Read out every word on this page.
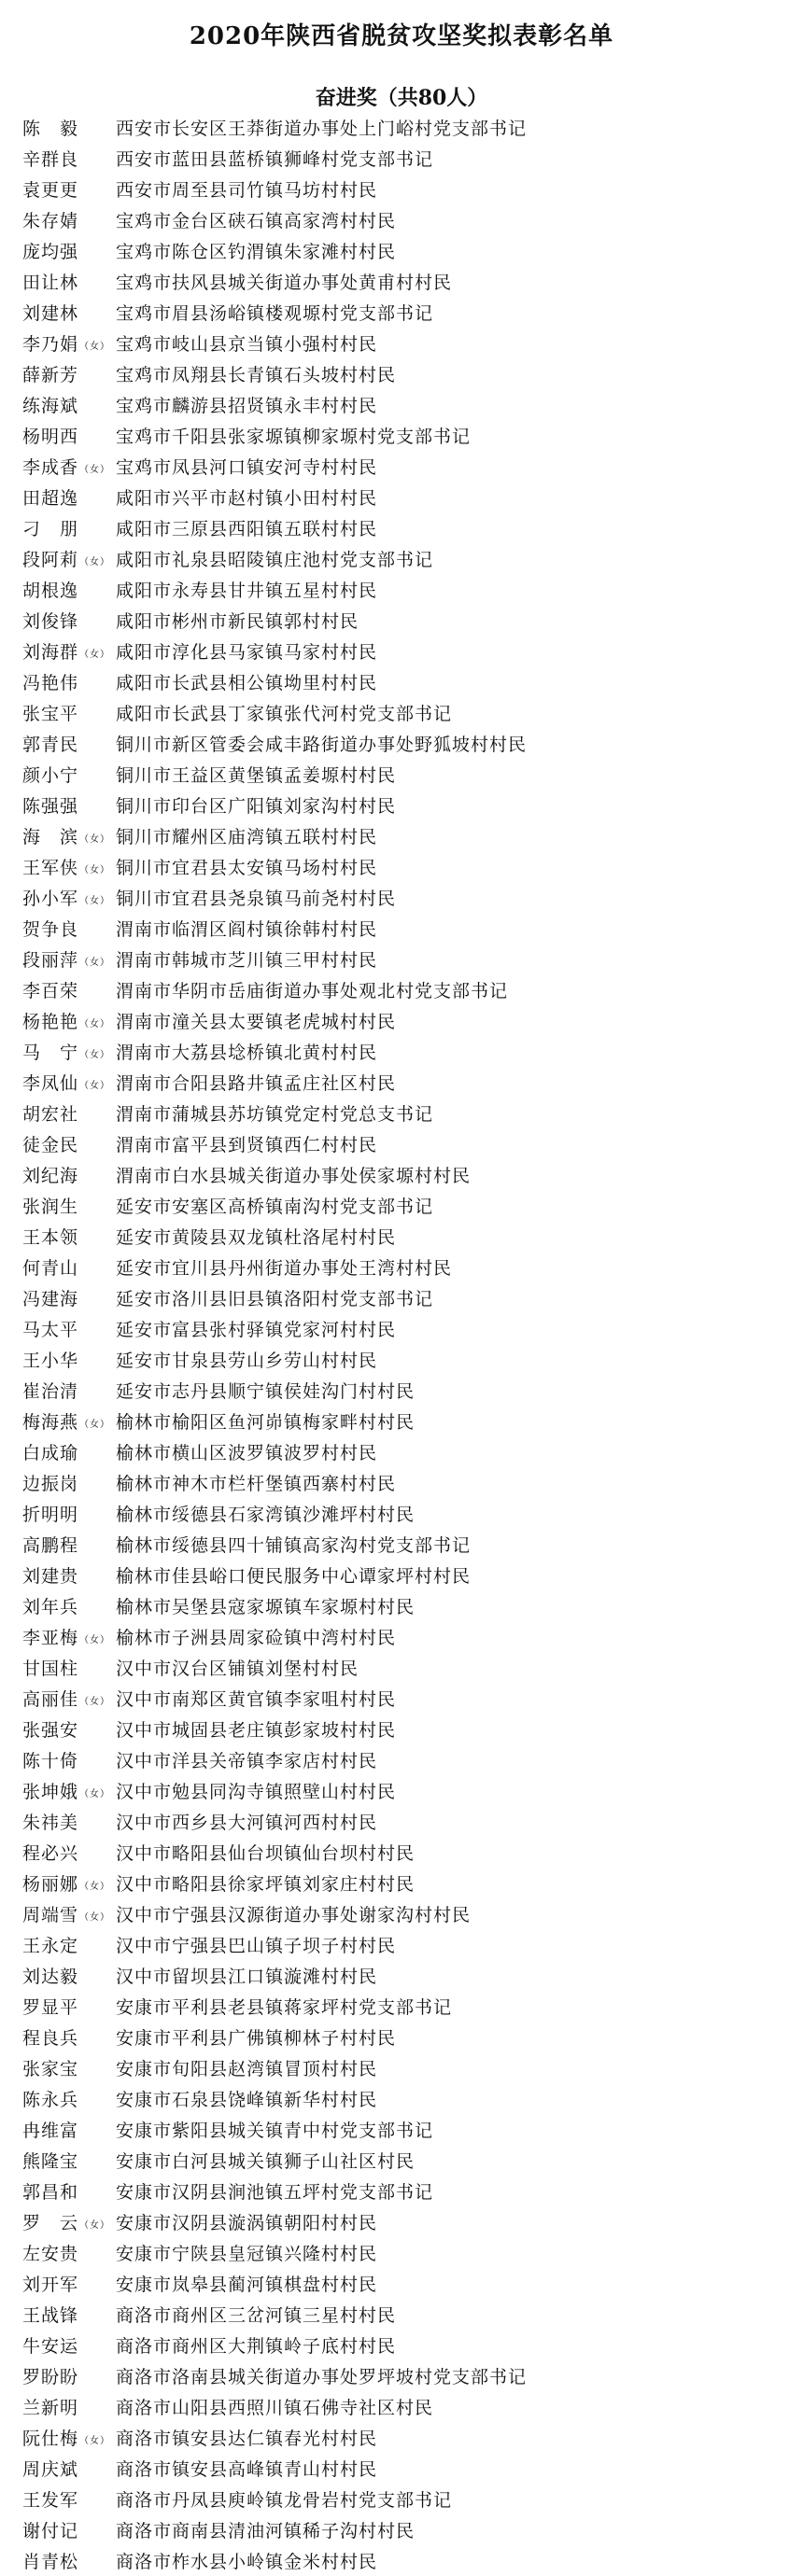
2020年陕西省脱贫攻坚奖拟表彰名单
奋进奖（共80人）
陈　毅	西安市长安区王莽街道办事处上门峪村党支部书记
辛群良	西安市蓝田县蓝桥镇狮峰村党支部书记
袁更更	西安市周至县司竹镇马坊村村民
朱存婧	宝鸡市金台区硖石镇高家湾村村民
庞均强	宝鸡市陈仓区钓渭镇朱家滩村村民
田让林	宝鸡市扶风县城关街道办事处黄甫村村民
刘建林	宝鸡市眉县汤峪镇楼观塬村党支部书记
李乃娟（女） 宝鸡市岐山县京当镇小强村村民
薛新芳	宝鸡市凤翔县长青镇石头坡村村民
练海斌	宝鸡市麟游县招贤镇永丰村村民
杨明西	宝鸡市千阳县张家塬镇柳家塬村党支部书记
李成香（女） 宝鸡市凤县河口镇安河寺村村民
田超逸	咸阳市兴平市赵村镇小田村村民
刁　朋	咸阳市三原县西阳镇五联村村民
段阿莉（女） 咸阳市礼泉县昭陵镇庄池村党支部书记
胡根逸	咸阳市永寿县甘井镇五星村村民
刘俊锋	咸阳市彬州市新民镇郭村村民
刘海群（女） 咸阳市淳化县马家镇马家村村民
冯艳伟	咸阳市长武县相公镇坳里村村民
张宝平	咸阳市长武县丁家镇张代河村党支部书记
郭青民	铜川市新区管委会咸丰路街道办事处野狐坡村村民
颜小宁	铜川市王益区黄堡镇孟姜塬村村民
陈强强	铜川市印台区广阳镇刘家沟村村民
海　滨（女） 铜川市耀州区庙湾镇五联村村民
王军侠（女） 铜川市宜君县太安镇马场村村民
孙小军（女） 铜川市宜君县尧泉镇马前尧村村民
贺争良	渭南市临渭区阎村镇徐韩村村民
段丽萍（女） 渭南市韩城市芝川镇三甲村村民
李百荣	渭南市华阴市岳庙街道办事处观北村党支部书记
杨艳艳（女） 渭南市潼关县太要镇老虎城村村民
马　宁（女） 渭南市大荔县埝桥镇北黄村村民
李凤仙（女） 渭南市合阳县路井镇孟庄社区村民
胡宏社	渭南市蒲城县苏坊镇党定村党总支书记
徒金民	渭南市富平县到贤镇西仁村村民
刘纪海	渭南市白水县城关街道办事处侯家塬村村民
张润生	延安市安塞区高桥镇南沟村党支部书记
王本领	延安市黄陵县双龙镇杜洛尾村村民
何青山	延安市宜川县丹州街道办事处王湾村村民
冯建海	延安市洛川县旧县镇洛阳村党支部书记
马太平	延安市富县张村驿镇党家河村村民
王小华	延安市甘泉县劳山乡劳山村村民
崔治清	延安市志丹县顺宁镇侯娃沟门村村民
梅海燕（女） 榆林市榆阳区鱼河峁镇梅家畔村村民
白成瑜	榆林市横山区波罗镇波罗村村民
边振岗	榆林市神木市栏杆堡镇西寨村村民
折明明	榆林市绥德县石家湾镇沙滩坪村村民
高鹏程	榆林市绥德县四十铺镇高家沟村党支部书记
刘建贵	榆林市佳县峪口便民服务中心谭家坪村村民
刘年兵	榆林市吴堡县寇家塬镇车家塬村村民
李亚梅（女） 榆林市子洲县周家硷镇中湾村村民
甘国柱	汉中市汉台区铺镇刘堡村村民
高丽佳（女） 汉中市南郑区黄官镇李家咀村村民
张强安	汉中市城固县老庄镇彭家坡村村民
陈十倚	汉中市洋县关帝镇李家店村村民
张坤娥（女） 汉中市勉县同沟寺镇照壁山村村民
朱祎美	汉中市西乡县大河镇河西村村民
程必兴	汉中市略阳县仙台坝镇仙台坝村村民
杨丽娜（女） 汉中市略阳县徐家坪镇刘家庄村村民
周端雪（女） 汉中市宁强县汉源街道办事处谢家沟村村民
王永定	汉中市宁强县巴山镇子坝子村村民
刘达毅	汉中市留坝县江口镇漩滩村村民
罗显平	安康市平利县老县镇蒋家坪村党支部书记
程良兵	安康市平利县广佛镇柳林子村村民
张家宝	安康市旬阳县赵湾镇冒顶村村民
陈永兵	安康市石泉县饶峰镇新华村村民
冉维富	安康市紫阳县城关镇青中村党支部书记
熊隆宝	安康市白河县城关镇狮子山社区村民
郭昌和	安康市汉阴县涧池镇五坪村党支部书记
罗　云（女） 安康市汉阴县漩涡镇朝阳村村民
左安贵	安康市宁陕县皇冠镇兴隆村村民
刘开军	安康市岚皋县蔺河镇棋盘村村民
王战锋	商洛市商州区三岔河镇三星村村民
牛安运	商洛市商州区大荆镇岭子底村村民
罗盼盼	商洛市洛南县城关街道办事处罗坪坡村党支部书记
兰新明	商洛市山阳县西照川镇石佛寺社区村民
阮仕梅（女） 商洛市镇安县达仁镇春光村村民
周庆斌	商洛市镇安县高峰镇青山村村民
王发军	商洛市丹凤县庾岭镇龙骨岩村党支部书记
谢付记	商洛市商南县清油河镇稀子沟村村民
肖青松	商洛市柞水县小岭镇金米村村民
